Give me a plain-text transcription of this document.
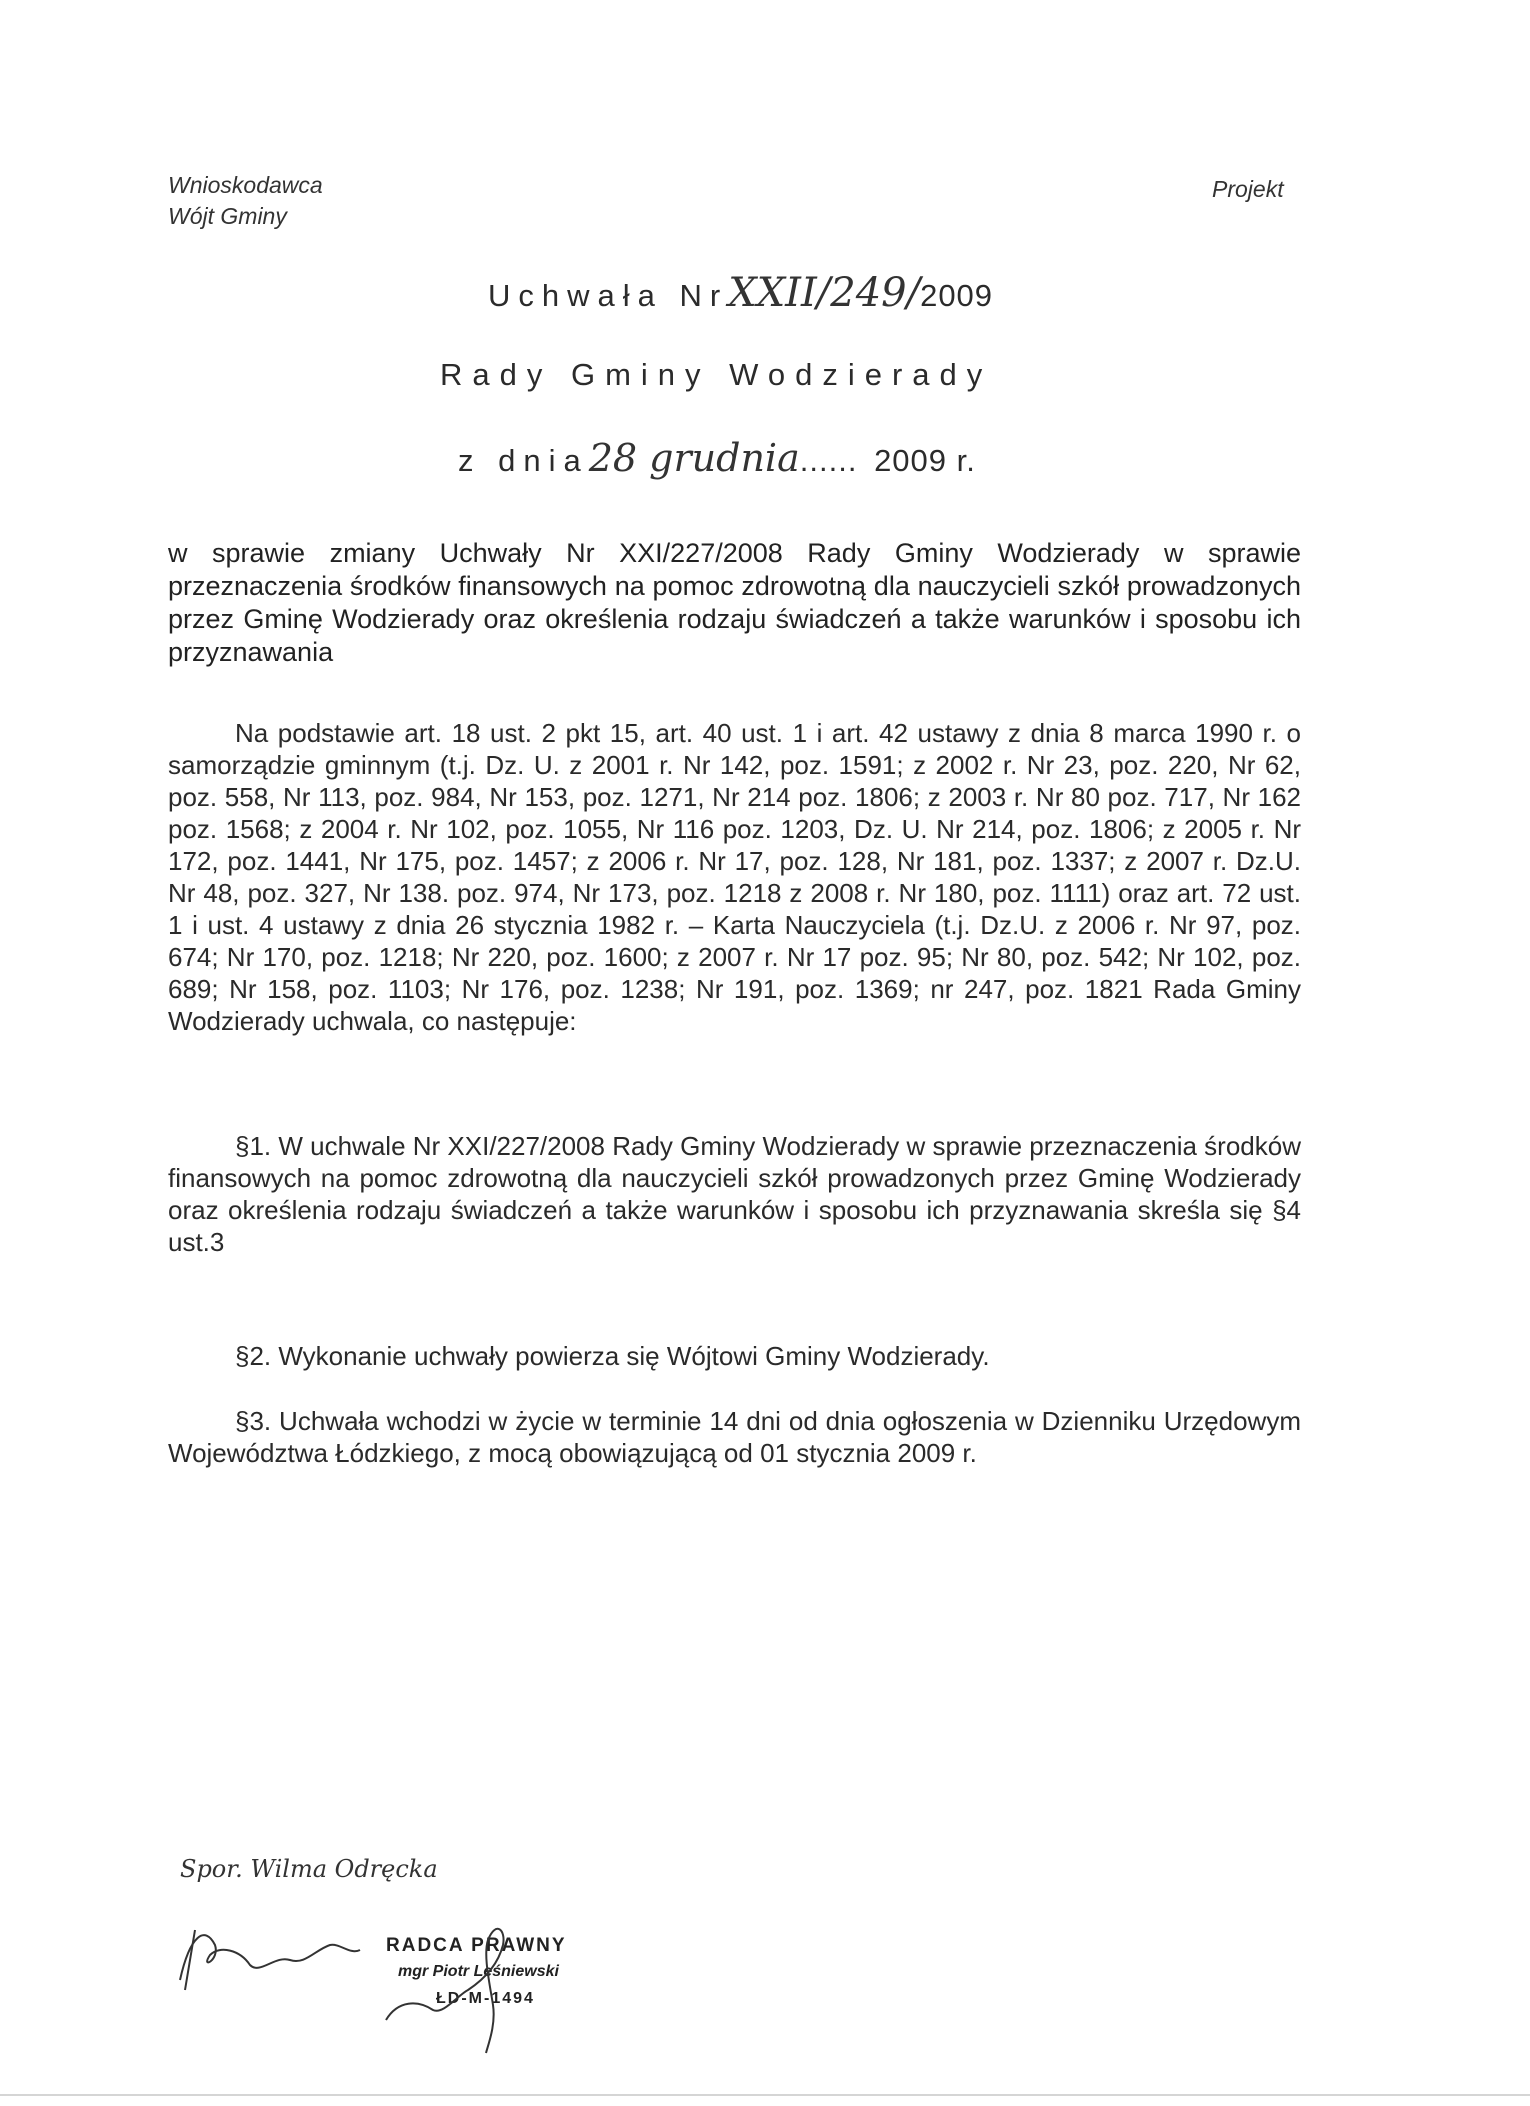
Wnioskodawca
Wójt Gminy
Projekt
Uchwała NrXXII/249/2009
Rady Gminy Wodzierady
z dnia28 grudnia...... 2009 r.
w sprawie zmiany Uchwały Nr XXI/227/2008 Rady Gminy Wodzierady w sprawie przeznaczenia środków finansowych na pomoc zdrowotną dla nauczycieli szkół prowadzonych przez Gminę Wodzierady oraz określenia rodzaju świadczeń a także warunków i sposobu ich przyznawania
Na podstawie art. 18 ust. 2 pkt 15, art. 40 ust. 1 i art. 42 ustawy z dnia 8 marca 1990 r. o samorządzie gminnym (t.j. Dz. U. z 2001 r. Nr 142, poz. 1591; z 2002 r. Nr 23, poz. 220, Nr 62, poz. 558, Nr 113, poz. 984, Nr 153, poz. 1271, Nr 214 poz. 1806; z 2003 r. Nr 80 poz. 717, Nr 162 poz. 1568; z 2004 r. Nr 102, poz. 1055, Nr 116 poz. 1203, Dz. U. Nr 214, poz. 1806; z 2005 r. Nr 172, poz. 1441, Nr 175, poz. 1457; z 2006 r. Nr 17, poz. 128, Nr 181, poz. 1337; z 2007 r. Dz.U. Nr 48, poz. 327, Nr 138. poz. 974, Nr 173, poz. 1218 z 2008 r. Nr 180, poz. 1111) oraz art. 72 ust. 1 i ust. 4 ustawy z dnia 26 stycznia 1982 r. – Karta Nauczyciela (t.j. Dz.U. z 2006 r. Nr 97, poz. 674; Nr 170, poz. 1218; Nr 220, poz. 1600; z 2007 r. Nr 17 poz. 95; Nr 80, poz. 542; Nr 102, poz. 689; Nr 158, poz. 1103; Nr 176, poz. 1238; Nr 191, poz. 1369; nr 247, poz. 1821 Rada Gminy Wodzierady uchwala, co następuje:
§1. W uchwale Nr XXI/227/2008 Rady Gminy Wodzierady w sprawie przeznaczenia środków finansowych na pomoc zdrowotną dla nauczycieli szkół prowadzonych przez Gminę Wodzierady oraz określenia rodzaju świadczeń a także warunków i sposobu ich przyznawania skreśla się §4 ust.3
§2. Wykonanie uchwały powierza się Wójtowi Gminy Wodzierady.
§3. Uchwała wchodzi w życie w terminie 14 dni od dnia ogłoszenia w Dzienniku Urzędowym Województwa Łódzkiego, z mocą obowiązującą od 01 stycznia 2009 r.
Spor. Wilma Odręcka
RADCA PRAWNY
mgr Piotr Leśniewski
ŁD-M-1494
